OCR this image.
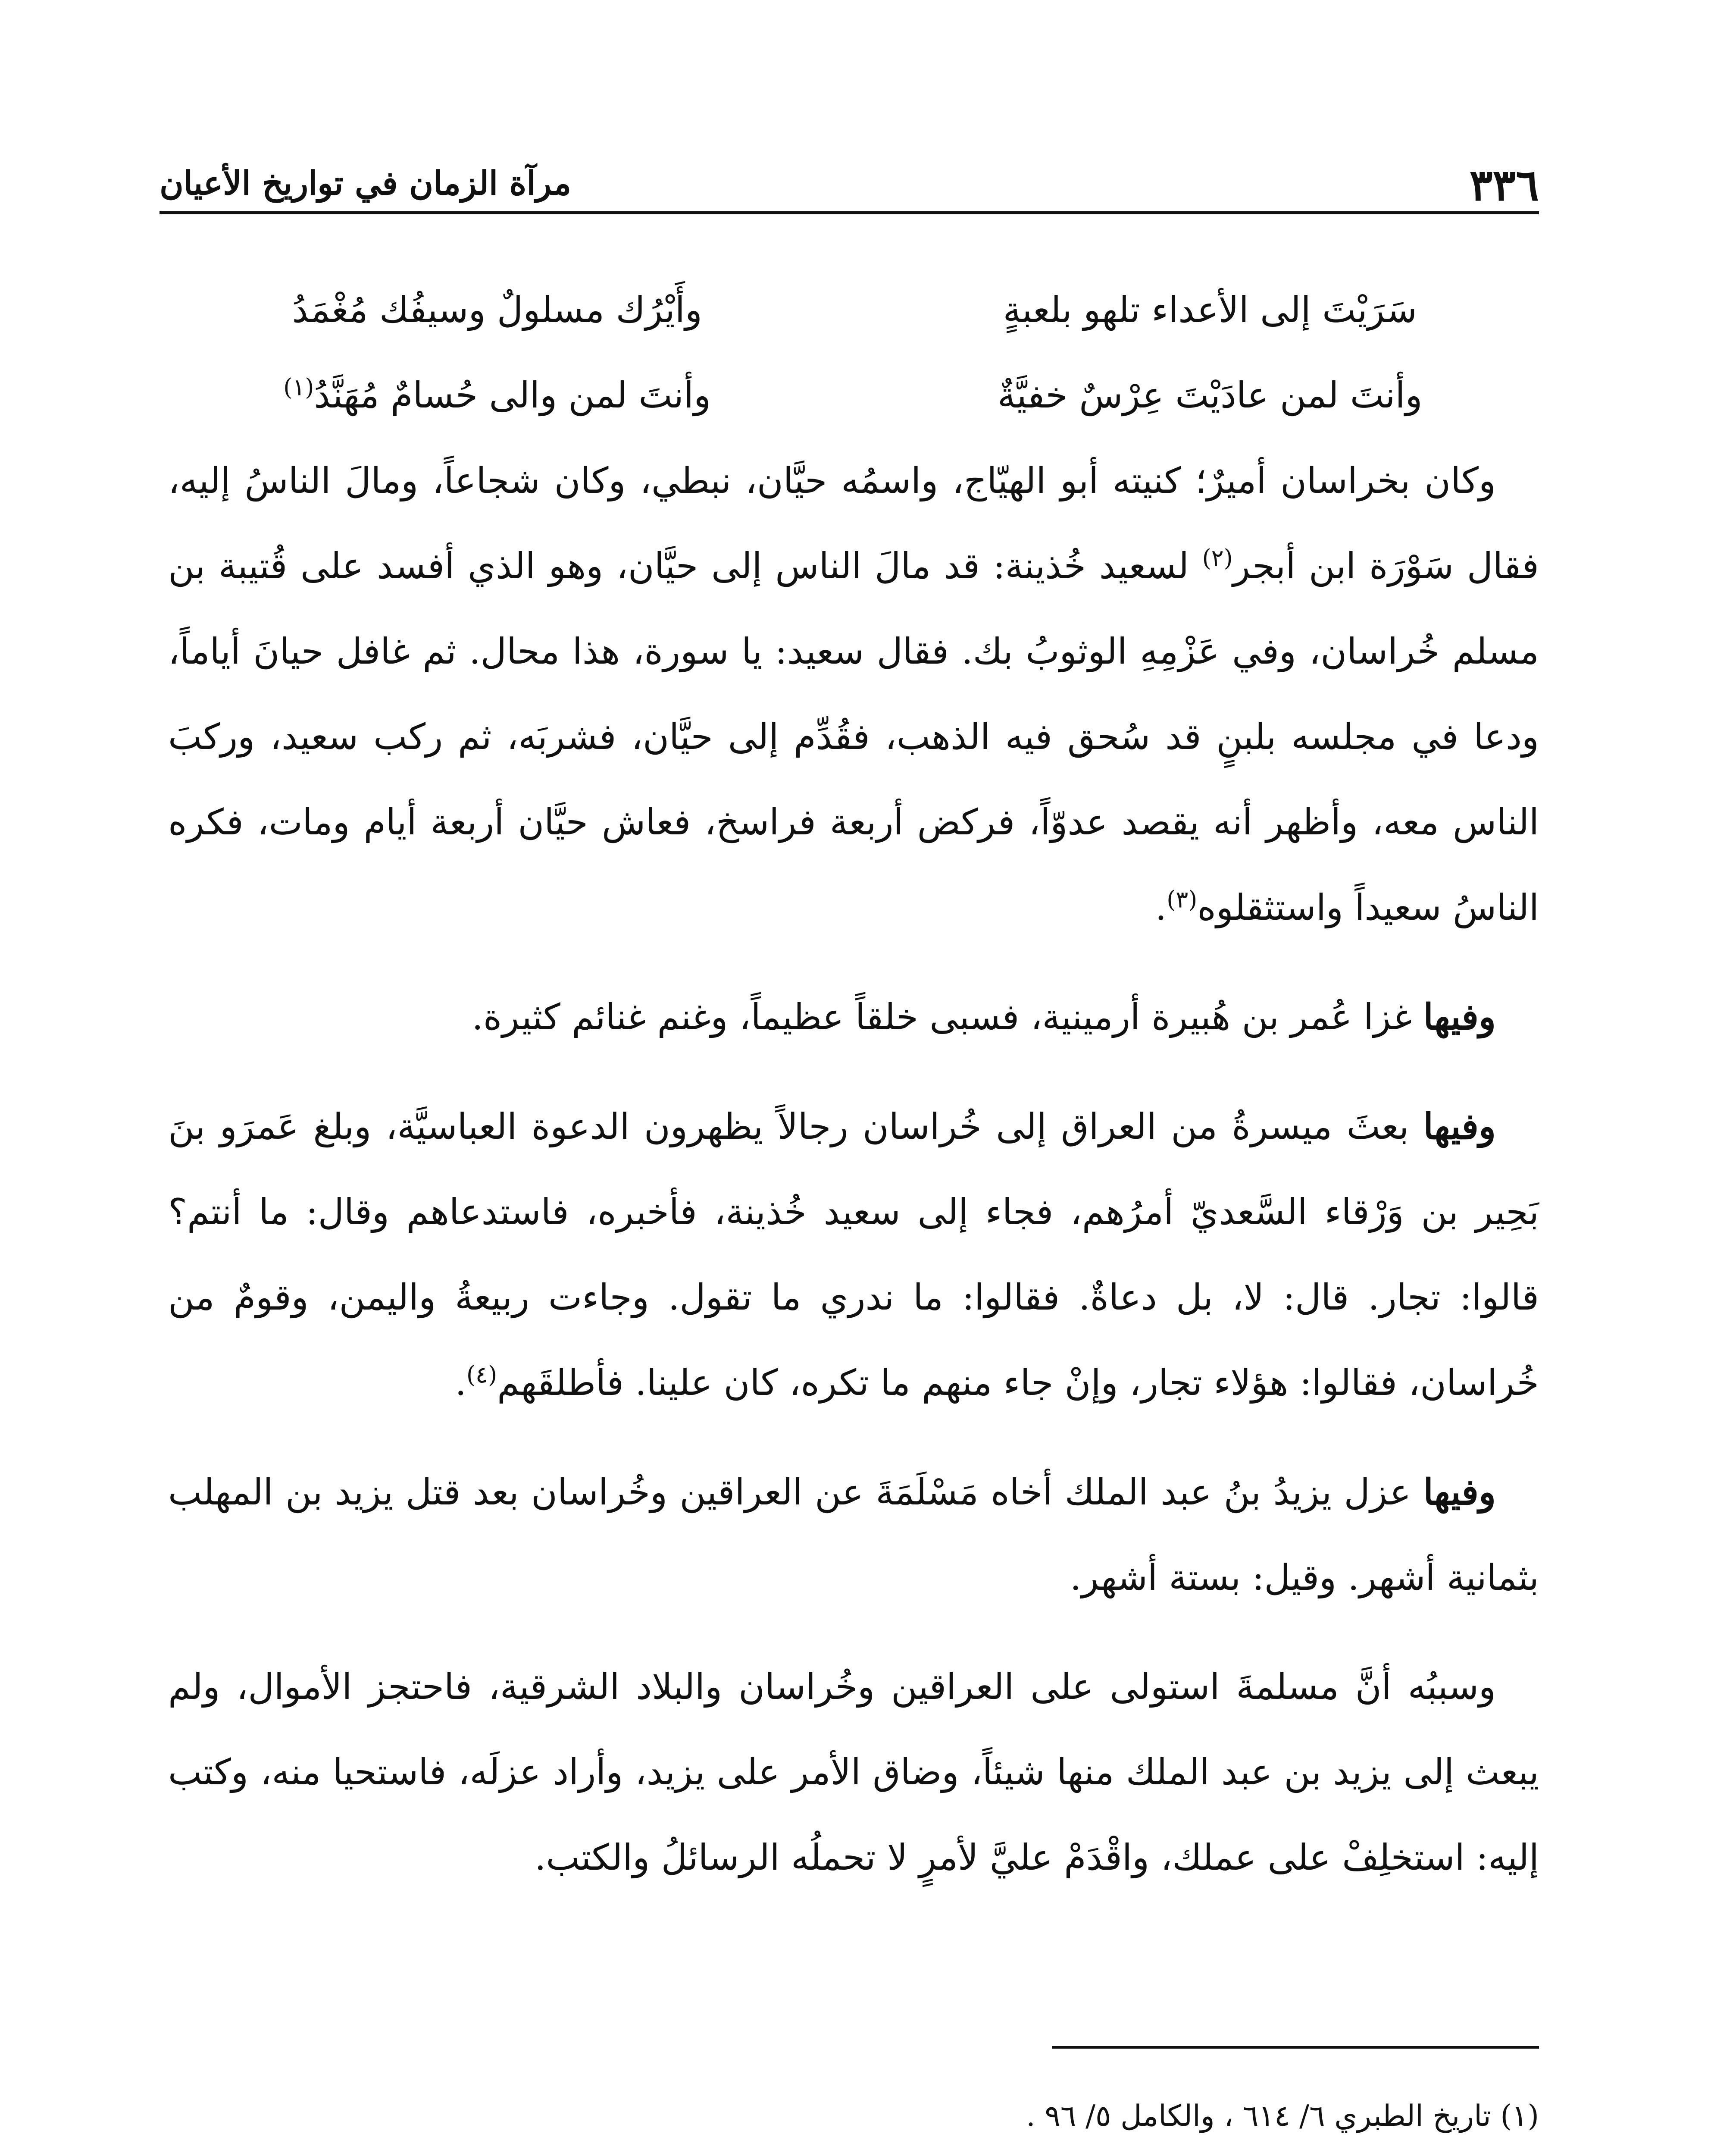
٣٣٦
مرآة الزمان في تواريخ الأعيان
سَرَيْتَ إلى الأعداء تلهو بلعبةٍ
وأَيْرُك مسلولٌ وسيفُك مُغْمَدُ
وأنتَ لمن عادَيْتَ عِرْسٌ خفيَّةٌ
وأنتَ لمن والى حُسامٌ مُهَنَّدُ$^{(١)}$

وكان بخراسان أميرٌ؛ كنيته أبو الهيّاج، واسمُه حيَّان، نبطي، وكان شجاعاً، ومالَ الناسُ إليه، فقال سَوْرَة ابن أبجر$^{(٢)}$ لسعيد خُذينة: قد مالَ الناس إلى حيَّان، وهو الذي أفسد على قُتيبة بن مسلم خُراسان، وفي عَزْمِهِ الوثوبُ بك. فقال سعيد: يا سورة، هذا محال. ثم غافل حيانَ أياماً، ودعا في مجلسه بلبنٍ قد سُحق فيه الذهب، فقُدِّم إلى حيَّان، فشربَه، ثم ركب سعيد، وركبَ الناس معه، وأظهر أنه يقصد عدوّاً، فركض أربعة فراسخ، فعاش حيَّان أربعة أيام ومات، فكره الناسُ سعيداً واستثقلوه$^{(٣)}$.

وفيها غزا عُمر بن هُبيرة أرمينية، فسبى خلقاً عظيماً، وغنم غنائم كثيرة.

وفيها بعثَ ميسرةُ من العراق إلى خُراسان رجالاً يظهرون الدعوة العباسيَّة، وبلغ عَمرَو بنَ بَحِير بن وَرْقاء السَّعديّ أمرُهم، فجاء إلى سعيد خُذينة، فأخبره، فاستدعاهم وقال: ما أنتم؟ قالوا: تجار. قال: لا، بل دعاةٌ. فقالوا: ما ندري ما تقول. وجاءت ربيعةُ واليمن، وقومٌ من خُراسان، فقالوا: هؤلاء تجار، وإنْ جاء منهم ما تكره، كان علينا. فأطلقَهم$^{(٤)}$.

وفيها عزل يزيدُ بنُ عبد الملك أخاه مَسْلَمَةَ عن العراقين وخُراسان بعد قتل يزيد بن المهلب بثمانية أشهر. وقيل: بستة أشهر.

وسببُه أنَّ مسلمةَ استولى على العراقين وخُراسان والبلاد الشرقية، فاحتجز الأموال، ولم يبعث إلى يزيد بن عبد الملك منها شيئاً، وضاق الأمر على يزيد، وأراد عزلَه، فاستحيا منه، وكتب إليه: استخلِفْ على عملك، واقْدَمْ عليَّ لأمرٍ لا تحملُه الرسائلُ والكتب.

(١) تاريخ الطبري ٦/ ٦١٤ ، والكامل ٥/ ٩٦ .
